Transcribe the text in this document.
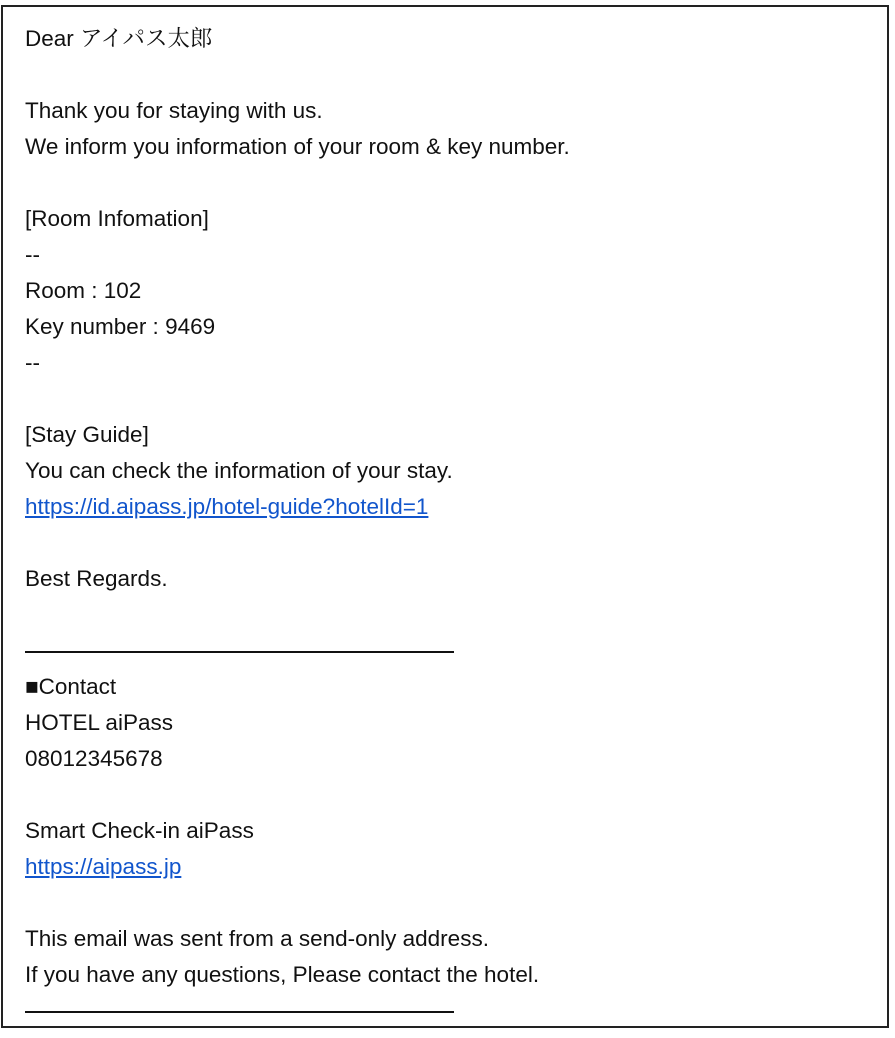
Dear アイパス太郎
Thank you for staying with us.
We inform you information of your room & key number.
[Room Infomation]
--
Room : 102
Key number : 9469
--
[Stay Guide]
You can check the information of your stay.
https://id.aipass.jp/hotel-guide?hotelId=1
Best Regards.
■Contact
HOTEL aiPass
08012345678
Smart Check-in aiPass
https://aipass.jp
This email was sent from a send-only address.
If you have any questions, Please contact the hotel.
